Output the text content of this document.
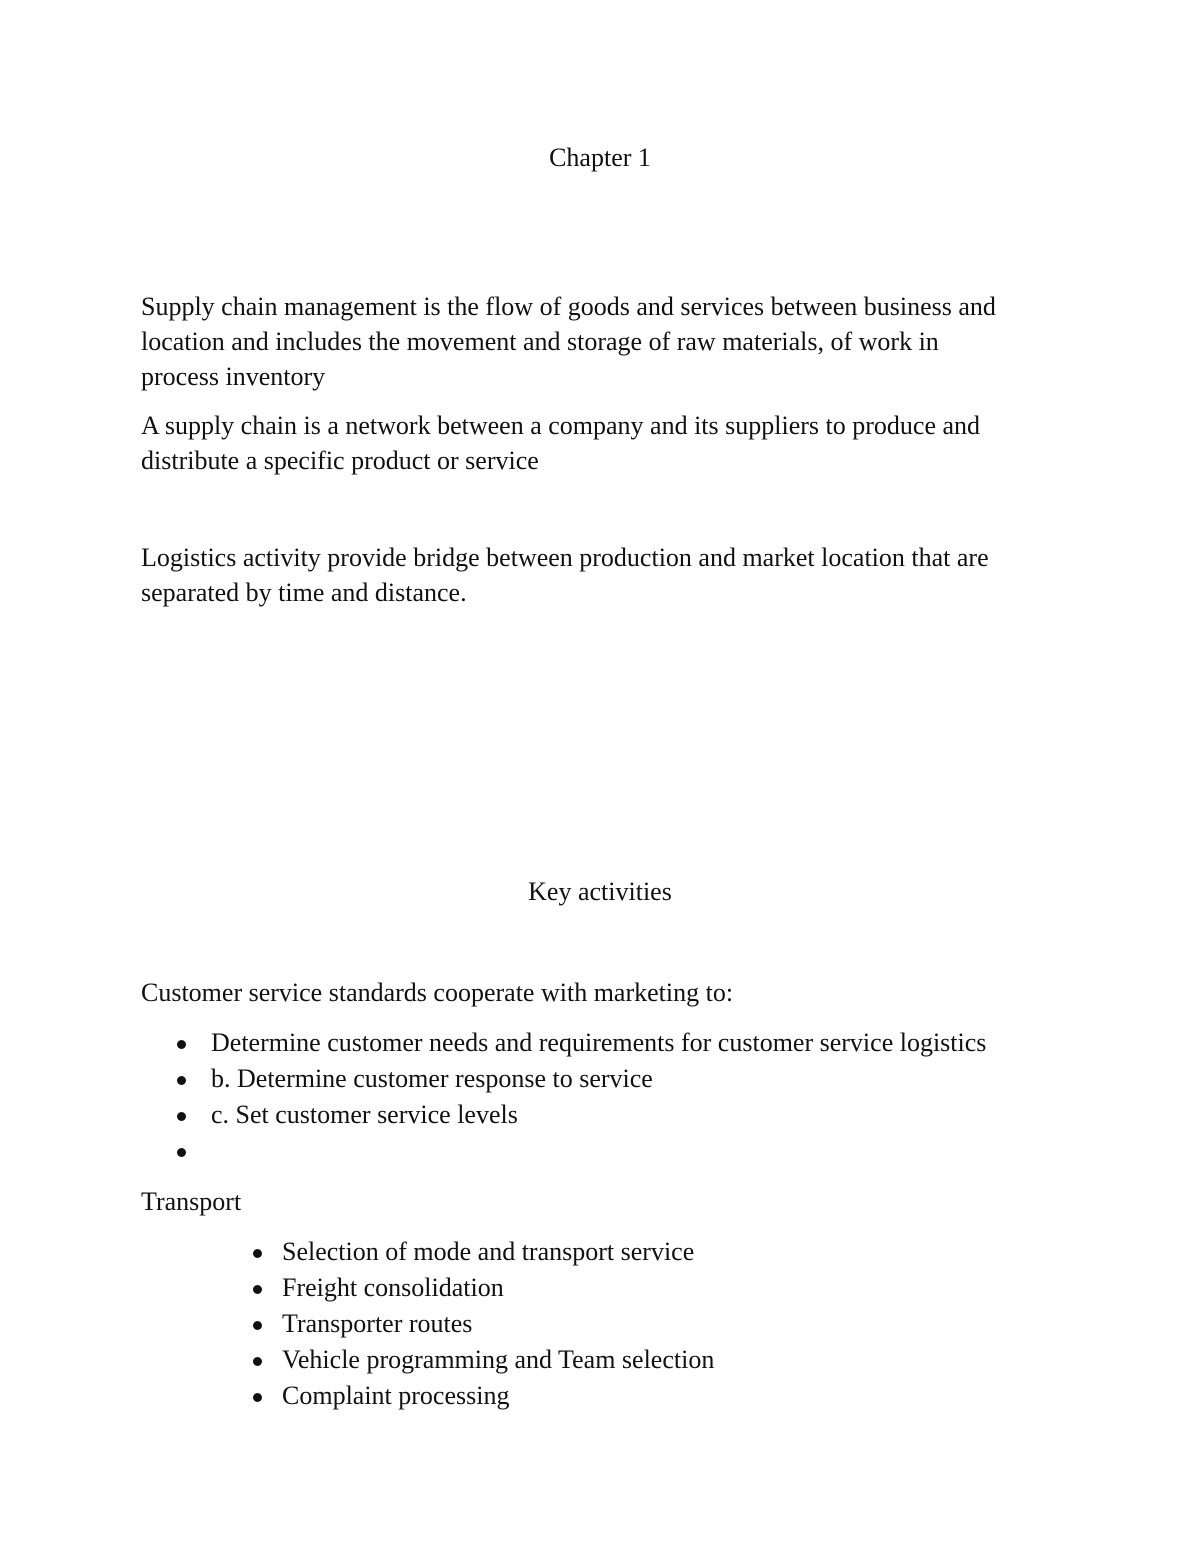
Chapter 1
Supply chain management is the flow of goods and services between business and
location and includes the movement and storage of raw materials, of work in
process inventory
A supply chain is a network between a company and its suppliers to produce and
distribute a specific product or service
Logistics activity provide bridge between production and market location that are
separated by time and distance.
Key activities

Customer service standards cooperate with marketing to:

Determine customer needs and requirements for customer service logistics
b. Determine customer response to service
c. Set customer service levels

Transport

Selection of mode and transport service
Freight consolidation
Transporter routes
Vehicle programming and Team selection
Complaint processing
